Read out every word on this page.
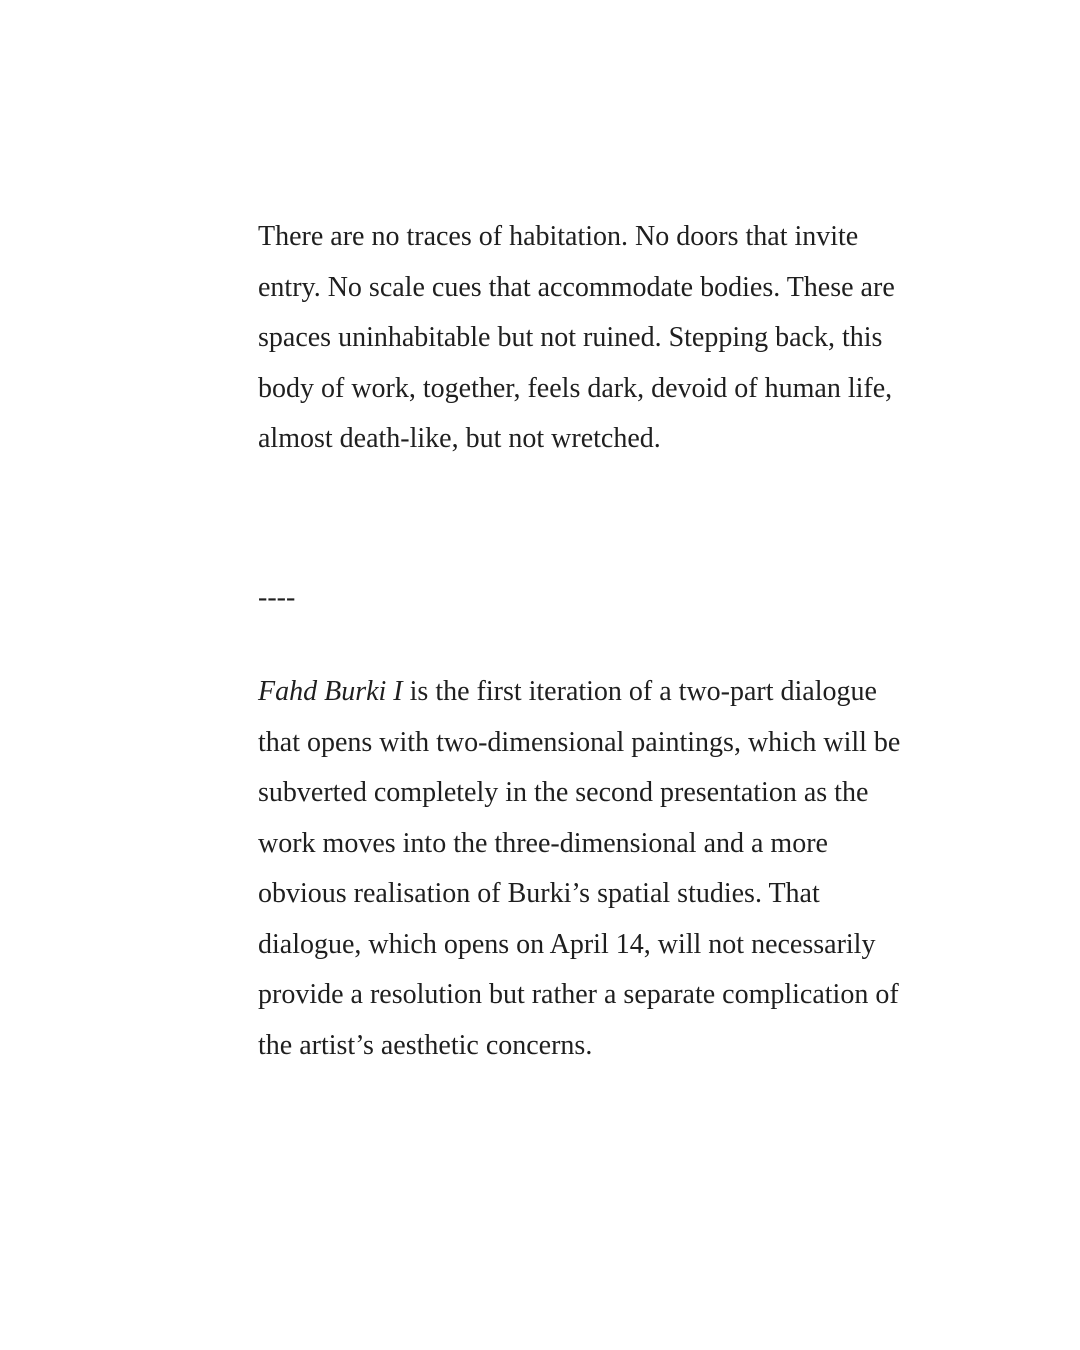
There are no traces of habitation. No doors that invite
entry. No scale cues that accommodate bodies. These are
spaces uninhabitable but not ruined. Stepping back, this
body of work, together, feels dark, devoid of human life,
almost death-like, but not wretched.

----

Fahd Burki I is the first iteration of a two-part dialogue
that opens with two-dimensional paintings, which will be
subverted completely in the second presentation as the
work moves into the three-dimensional and a more
obvious realisation of Burki’s spatial studies. That
dialogue, which opens on April 14, will not necessarily
provide a resolution but rather a separate complication of
the artist’s aesthetic concerns.
